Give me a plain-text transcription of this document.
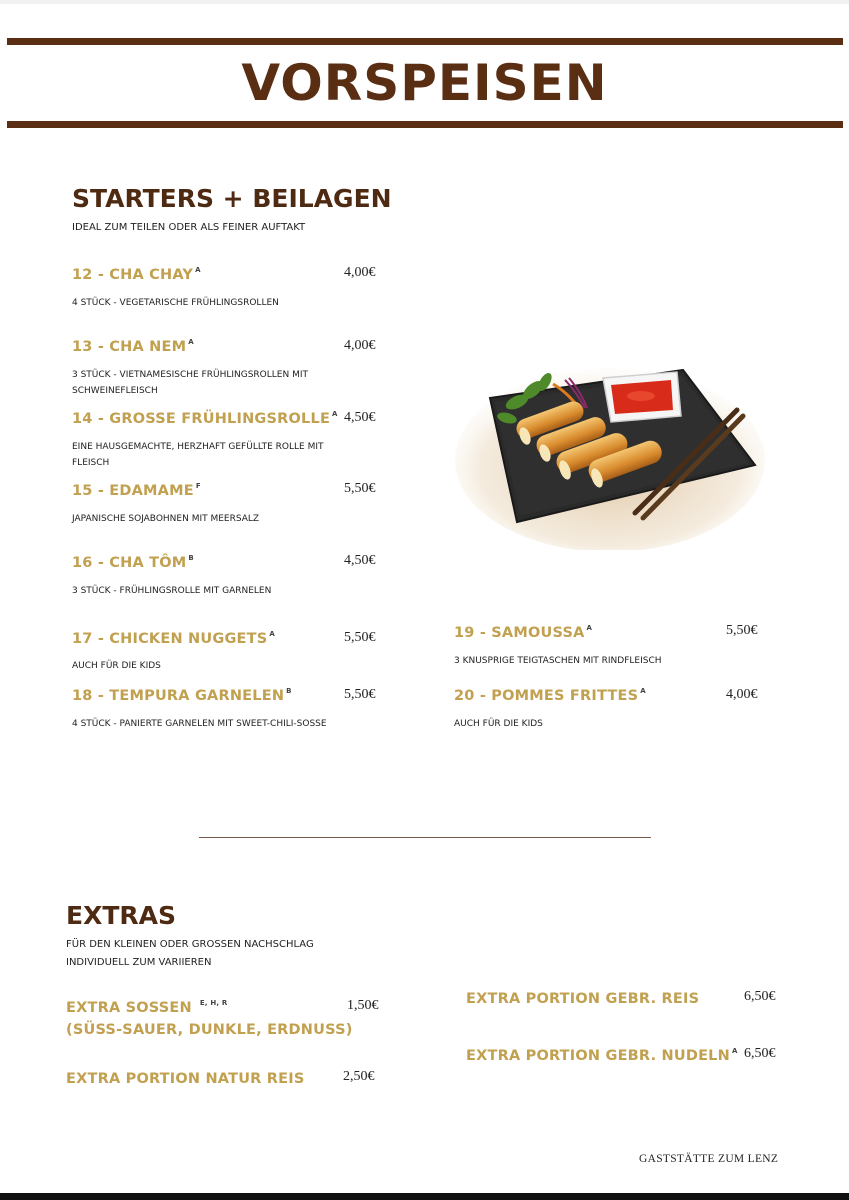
VORSPEISEN
STARTERS + BEILAGEN
IDEAL ZUM TEILEN ODER ALS FEINER AUFTAKT
12 - CHA CHAY $^A$	4,00€
4 STÜCK - VEGETARISCHE FRÜHLINGSROLLEN
13 - CHA NEM $^A$	4,00€
3 STÜCK - VIETNAMESISCHE FRÜHLINGSROLLEN MIT
SCHWEINEFLEISCH
14 - GROSSE FRÜHLINGSROLLE $^A$ 4,50€
EINE HAUSGEMACHTE, HERZHAFT GEFÜLLTE ROLLE MIT
FLEISCH
15 - EDAMAME $^F$	5,50€
JAPANISCHE SOJABOHNEN MIT MEERSALZ
16 - CHA TÔM $^B$	4,50€
3 STÜCK - FRÜHLINGSROLLE MIT GARNELEN
17 - CHICKEN NUGGETS $^A$	5,50€
AUCH FÜR DIE KIDS
18 - TEMPURA GARNELEN $^B$	5,50€
4 STÜCK - PANIERTE GARNELEN MIT SWEET-CHILI-SOSSE
19 - SAMOUSSA $^A$	5,50€
3 KNUSPRIGE TEIGTASCHEN MIT RINDFLEISCH
20 - POMMES FRITTES $^A$	4,00€
AUCH FÜR DIE KIDS
EXTRAS
FÜR DEN KLEINEN ODER GROSSEN NACHSCHLAG
INDIVIDUELL ZUM VARIIEREN
EXTRA SOSSEN $^{E, H, R}$
(SÜSS-SAUER, DUNKLE, ERDNUSS)
1,50€
EXTRA PORTION NATUR REIS	2,50€
EXTRA PORTION GEBR. REIS	6,50€
EXTRA PORTION GEBR. NUDELN $^A$ 6,50€
GASTSTÄTTE ZUM LENZ
